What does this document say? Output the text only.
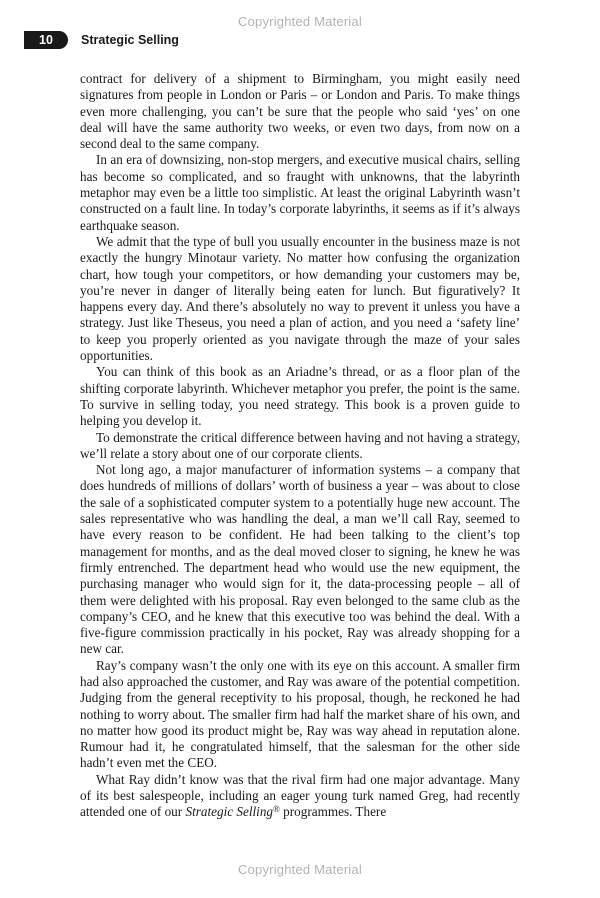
Copyrighted Material
10	Strategic Selling

contract for delivery of a shipment to Birmingham, you might easily need signatures from people in London or Paris – or London and Paris. To make things even more challenging, you can’t be sure that the people who said ‘yes’ on one deal will have the same authority two weeks, or even two days, from now on a second deal to the same company.

In an era of downsizing, non-stop mergers, and executive musical chairs, selling has become so complicated, and so fraught with unknowns, that the labyrinth metaphor may even be a little too simplistic. At least the original Labyrinth wasn’t constructed on a fault line. In today’s corporate labyrinths, it seems as if it’s always earthquake season.

We admit that the type of bull you usually encounter in the business maze is not exactly the hungry Minotaur variety. No matter how confusing the organization chart, how tough your competitors, or how demanding your customers may be, you’re never in danger of literally being eaten for lunch. But figuratively? It happens every day. And there’s absolutely no way to prevent it unless you have a strategy. Just like Theseus, you need a plan of action, and you need a ‘safety line’ to keep you properly oriented as you navigate through the maze of your sales opportunities.

You can think of this book as an Ariadne’s thread, or as a floor plan of the shifting corporate labyrinth. Whichever metaphor you prefer, the point is the same. To survive in selling today, you need strategy. This book is a proven guide to helping you develop it.

To demonstrate the critical difference between having and not having a strategy, we’ll relate a story about one of our corporate clients.

Not long ago, a major manufacturer of information systems – a company that does hundreds of millions of dollars’ worth of business a year – was about to close the sale of a sophisticated computer system to a potentially huge new account. The sales representative who was handling the deal, a man we’ll call Ray, seemed to have every reason to be confident. He had been talking to the client’s top management for months, and as the deal moved closer to signing, he knew he was firmly entrenched. The department head who would use the new equipment, the purchasing manager who would sign for it, the data-processing people – all of them were delighted with his proposal. Ray even belonged to the same club as the company’s CEO, and he knew that this executive too was behind the deal. With a five-figure commission practically in his pocket, Ray was already shopping for a new car.

Ray’s company wasn’t the only one with its eye on this account. A smaller firm had also approached the customer, and Ray was aware of the potential competition. Judging from the general receptivity to his proposal, though, he reckoned he had nothing to worry about. The smaller firm had half the market share of his own, and no matter how good its product might be, Ray was way ahead in reputation alone. Rumour had it, he congratulated himself, that the salesman for the other side hadn’t even met the CEO.

What Ray didn’t know was that the rival firm had one major advantage. Many of its best salespeople, including an eager young turk named Greg, had recently attended one of our Strategic Selling® programmes. There

Copyrighted Material
